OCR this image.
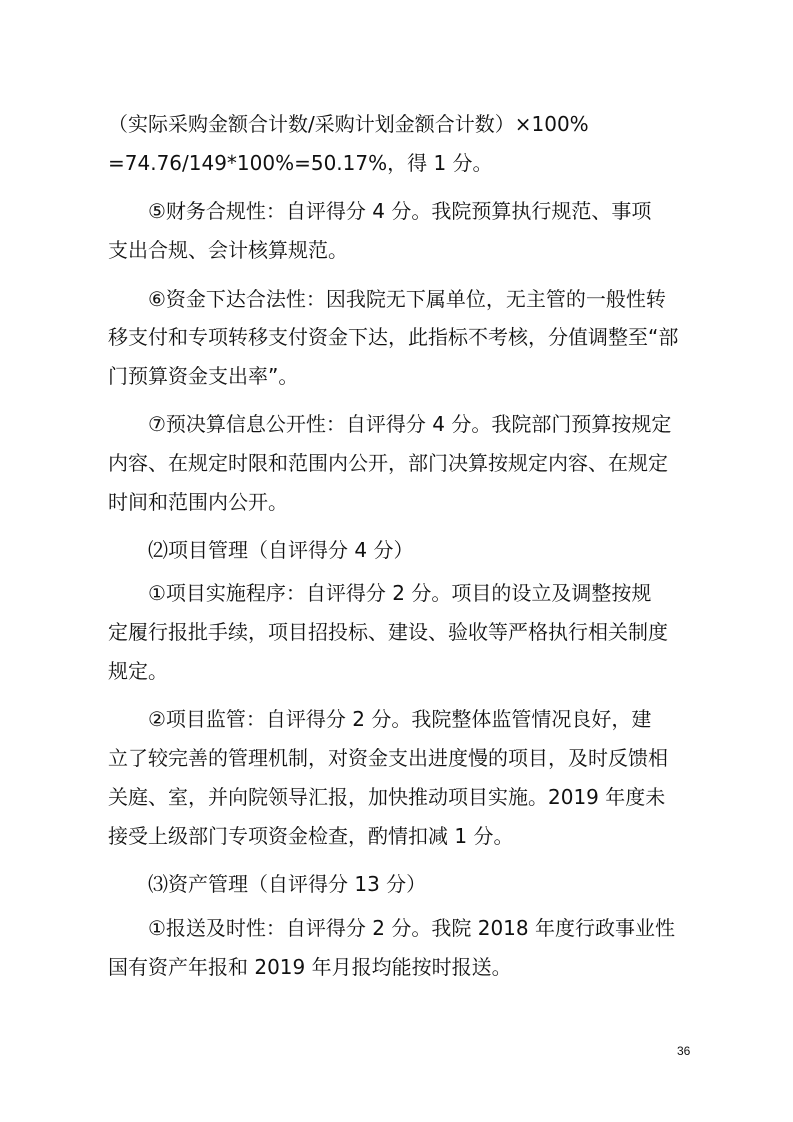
（实际采购金额合计数/采购计划金额合计数）×100%
=74.76/149*100%=50.17%，得 1 分。
⑤财务合规性：自评得分 4 分。我院预算执行规范、事项
支出合规、会计核算规范。
⑥资金下达合法性：因我院无下属单位，无主管的一般性转
移支付和专项转移支付资金下达，此指标不考核，分值调整至“部
门预算资金支出率”。
⑦预决算信息公开性：自评得分 4 分。我院部门预算按规定
内容、在规定时限和范围内公开，部门决算按规定内容、在规定
时间和范围内公开。
⑵项目管理（自评得分 4 分）
①项目实施程序：自评得分 2 分。项目的设立及调整按规
定履行报批手续，项目招投标、建设、验收等严格执行相关制度
规定。
②项目监管：自评得分 2 分。我院整体监管情况良好，建
立了较完善的管理机制，对资金支出进度慢的项目，及时反馈相
关庭、室，并向院领导汇报，加快推动项目实施。2019 年度未
接受上级部门专项资金检查，酌情扣减 1 分。
⑶资产管理（自评得分 13 分）
①报送及时性：自评得分 2 分。我院 2018 年度行政事业性
国有资产年报和 2019 年月报均能按时报送。
36
